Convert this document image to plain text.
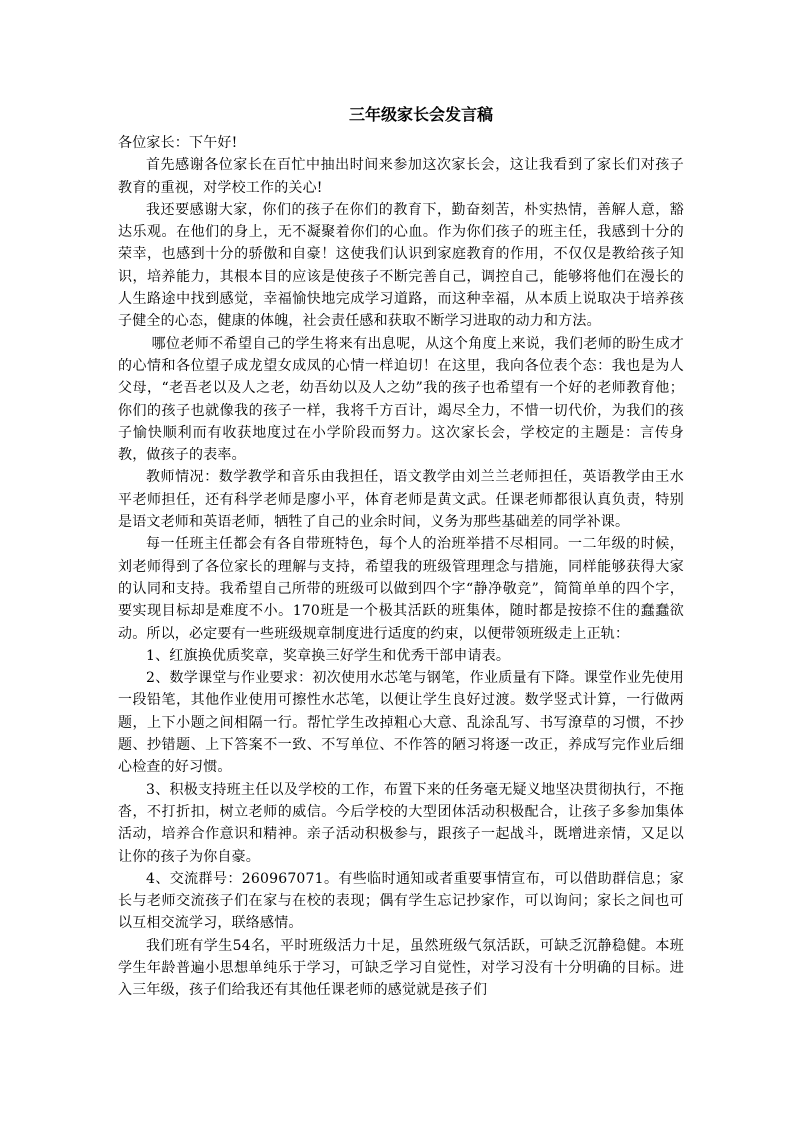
三年级家长会发言稿

各位家长：下午好!

首先感谢各位家长在百忙中抽出时间来参加这次家长会，这让我看到了家长们对孩子教育的重视，对学校工作的关心!

我还要感谢大家，你们的孩子在你们的教育下，勤奋刻苦，朴实热情，善解人意，豁达乐观。在他们的身上，无不凝聚着你们的心血。作为你们孩子的班主任，我感到十分的荣幸，也感到十分的骄傲和自豪！这使我们认识到家庭教育的作用，不仅仅是教给孩子知识，培养能力，其根本目的应该是使孩子不断完善自己，调控自己，能够将他们在漫长的人生路途中找到感觉，幸福愉快地完成学习道路，而这种幸福，从本质上说取决于培养孩子健全的心态，健康的体魄，社会责任感和获取不断学习进取的动力和方法。

哪位老师不希望自己的学生将来有出息呢，从这个角度上来说，我们老师的盼生成才的心情和各位望子成龙望女成凤的心情一样迫切！在这里，我向各位表个态：我也是为人父母，“老吾老以及人之老，幼吾幼以及人之幼”我的孩子也希望有一个好的老师教育他；你们的孩子也就像我的孩子一样，我将千方百计，竭尽全力，不惜一切代价，为我们的孩子愉快顺利而有收获地度过在小学阶段而努力。这次家长会，学校定的主题是：言传身教，做孩子的表率。

教师情况：数学教学和音乐由我担任，语文教学由刘兰兰老师担任，英语教学由王水平老师担任，还有科学老师是廖小平，体育老师是黄文武。任课老师都很认真负责，特别是语文老师和英语老师，牺牲了自己的业余时间，义务为那些基础差的同学补课。

每一任班主任都会有各自带班特色，每个人的治班举措不尽相同。一二年级的时候，刘老师得到了各位家长的理解与支持，希望我的班级管理理念与措施，同样能够获得大家的认同和支持。我希望自己所带的班级可以做到四个字“静净敬竞”，简简单单的四个字，要实现目标却是难度不小。170班是一个极其活跃的班集体，随时都是按捺不住的蠢蠢欲动。所以，必定要有一些班级规章制度进行适度的约束，以便带领班级走上正轨：

1、红旗换优质奖章，奖章换三好学生和优秀干部申请表。

2、数学课堂与作业要求：初次使用水芯笔与钢笔，作业质量有下降。课堂作业先使用一段铅笔，其他作业使用可擦性水芯笔，以便让学生良好过渡。数学竖式计算，一行做两题，上下小题之间相隔一行。帮忙学生改掉粗心大意、乱涂乱写、书写潦草的习惯，不抄题、抄错题、上下答案不一致、不写单位、不作答的陋习将逐一改正，养成写完作业后细心检查的好习惯。

3、积极支持班主任以及学校的工作，布置下来的任务毫无疑义地坚决贯彻执行，不拖沓，不打折扣，树立老师的威信。今后学校的大型团体活动积极配合，让孩子多参加集体活动，培养合作意识和精神。亲子活动积极参与，跟孩子一起战斗，既增进亲情，又足以让你的孩子为你自豪。

4、交流群号：260967071。有些临时通知或者重要事情宣布，可以借助群信息；家长与老师交流孩子们在家与在校的表现；偶有学生忘记抄家作，可以询问；家长之间也可以互相交流学习，联络感情。

我们班有学生54名，平时班级活力十足，虽然班级气氛活跃，可缺乏沉静稳健。本班学生年龄普遍小思想单纯乐于学习，可缺乏学习自觉性，对学习没有十分明确的目标。进入三年级，孩子们给我还有其他任课老师的感觉就是孩子们
